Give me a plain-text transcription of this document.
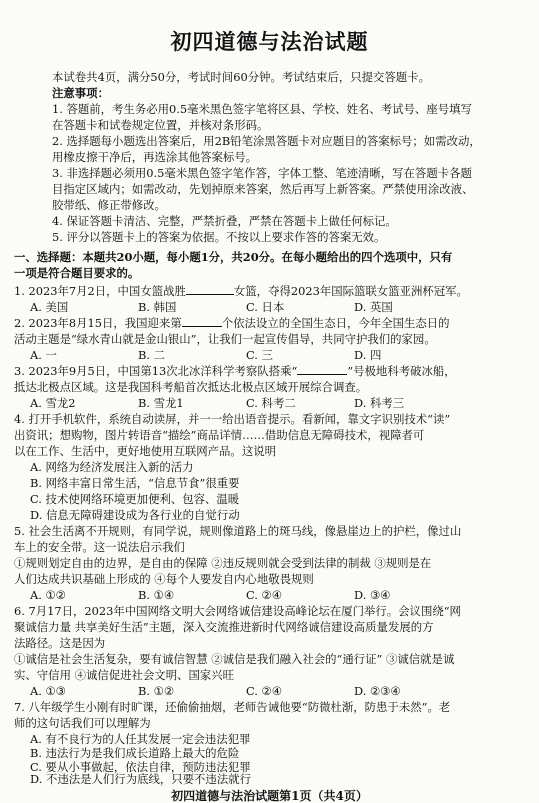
初四道德与法治试题
本试卷共4页，满分50分，考试时间60分钟。考试结束后，只提交答题卡。
注意事项：
1. 答题前，考生务必用0.5毫米黑色签字笔将区县、学校、姓名、考试号、座号填写
在答题卡和试卷规定位置，并核对条形码。
2. 选择题每小题选出答案后，用2B铅笔涂黑答题卡对应题目的答案标号；如需改动，
用橡皮擦干净后，再选涂其他答案标号。
3. 非选择题必须用0.5毫米黑色签字笔作答，字体工整、笔迹清晰，写在答题卡各题
目指定区域内；如需改动，先划掉原来答案，然后再写上新答案。严禁使用涂改液、
胶带纸、修正带修改。
4. 保证答题卡清洁、完整，严禁折叠，严禁在答题卡上做任何标记。
5. 评分以答题卡上的答案为依据。不按以上要求作答的答案无效。
一、选择题：本题共20小题，每小题1分，共20分。在每小题给出的四个选项中，只有
一项是符合题目要求的。
1. 2023年7月2日，中国女篮战胜	女篮，夺得2023年国际篮联女篮亚洲杯冠军。
A. 美国	B. 韩国	C. 日本	D. 英国
2. 2023年8月15日，我国迎来第	个依法设立的全国生态日，今年全国生态日的
活动主题是“绿水青山就是金山银山”，让我们一起宣传倡导，共同守护我们的家园。
A. 一	B. 二	C. 三	D. 四
3. 2023年9月5日，中国第13次北冰洋科学考察队搭乘“	”号极地科考破冰船，
抵达北极点区域。这是我国科考船首次抵达北极点区域开展综合调查。
A. 雪龙2	B. 雪龙1	C. 科考二	D. 科考三
4. 打开手机软件，系统自动读屏，并一一给出语音提示。看新闻，靠文字识别技术“读”
出资讯；想购物，图片转语音“描绘”商品详情……借助信息无障碍技术，视障者可
以在工作、生活中，更好地使用互联网产品。这说明
A. 网络为经济发展注入新的活力
B. 网络丰富日常生活，“信息节食”很重要
C. 技术使网络环境更加便利、包容、温暖
D. 信息无障碍建设成为各行业的自觉行动
5. 社会生活离不开规则，有同学说，规则像道路上的斑马线，像悬崖边上的护栏，像过山
车上的安全带。这一说法启示我们
①规则划定自由的边界，是自由的保障 ②违反规则就会受到法律的制裁 ③规则是在
人们达成共识基础上形成的 ④每个人要发自内心地敬畏规则
A. ①②	B. ①④	C. ②④	D. ③④
6. 7月17日，2023年中国网络文明大会网络诚信建设高峰论坛在厦门举行。会议围绕“网
聚诚信力量 共享美好生活”主题，深入交流推进新时代网络诚信建设高质量发展的方
法路径。这是因为
①诚信是社会生活复杂，要有诚信智慧 ②诚信是我们融入社会的“通行证” ③诚信就是诚
实、守信用 ④诚信促进社会文明、国家兴旺
A. ①③	B. ①②	C. ②④	D. ②③④
7. 八年级学生小刚有时旷课，还偷偷抽烟，老师告诫他要“防微杜渐，防患于未然”。老
师的这句话我们可以理解为
A. 有不良行为的人任其发展一定会违法犯罪
B. 违法行为是我们成长道路上最大的危险
C. 要从小事做起，依法自律，预防违法犯罪
D. 不违法是人们行为底线，只要不违法就行
初四道德与法治试题第1页（共4页）
